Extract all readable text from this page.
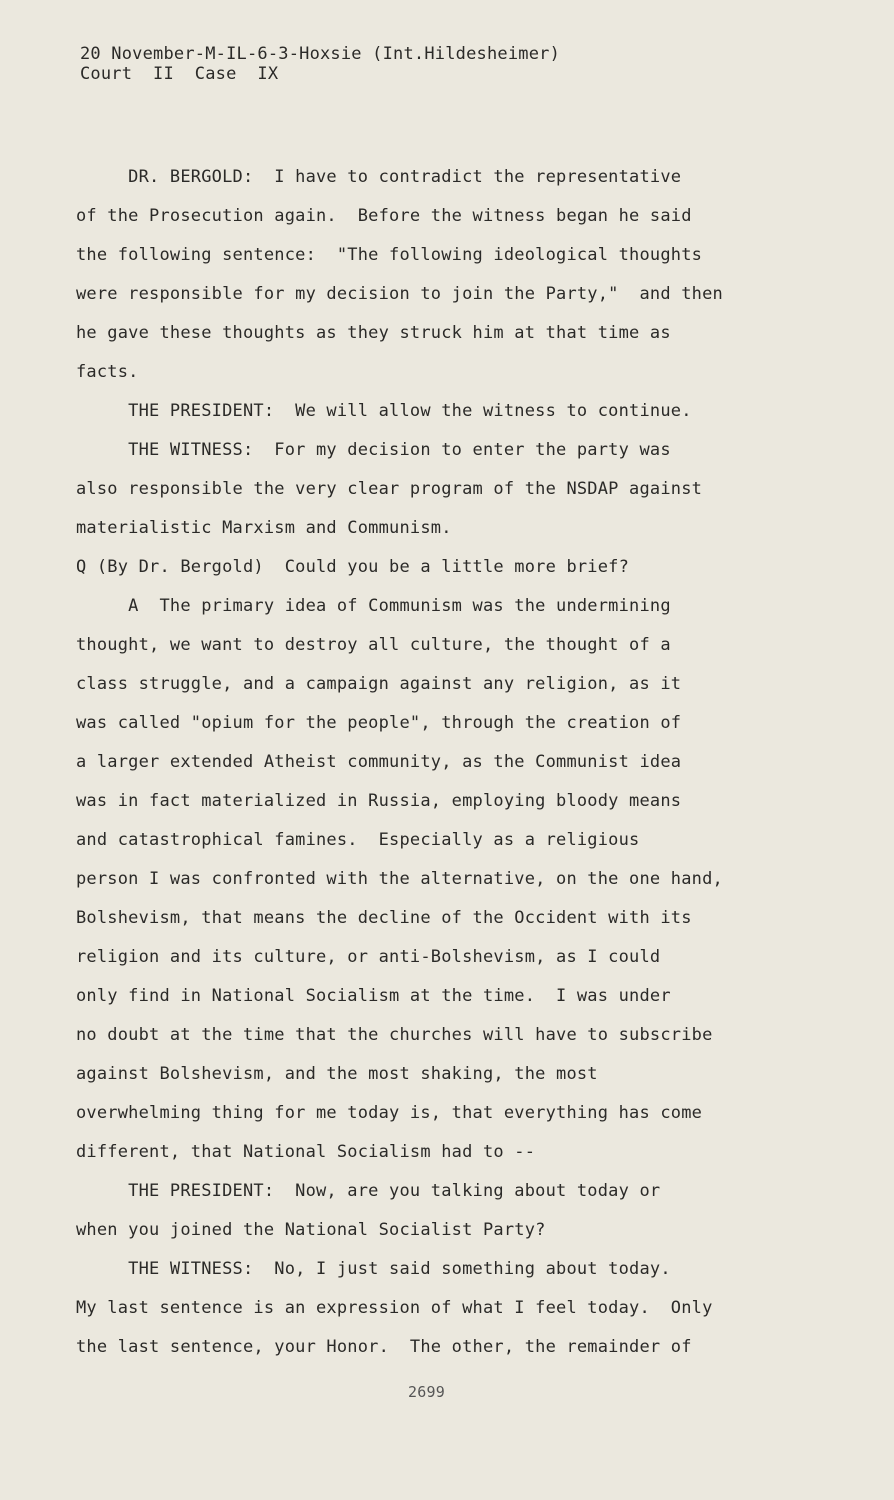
20 November-M-IL-6-3-Hoxsie (Int.Hildesheimer)
Court  II  Case  IX
DR. BERGOLD:  I have to contradict the representative
of the Prosecution again.  Before the witness began he said
the following sentence:  "The following ideological thoughts
were responsible for my decision to join the Party,"  and then
he gave these thoughts as they struck him at that time as
facts.
THE PRESIDENT:  We will allow the witness to continue.
THE WITNESS:  For my decision to enter the party was
also responsible the very clear program of the NSDAP against
materialistic Marxism and Communism.
Q (By Dr. Bergold)  Could you be a little more brief?
A  The primary idea of Communism was the undermining
thought, we want to destroy all culture, the thought of a
class struggle, and a campaign against any religion, as it
was called "opium for the people", through the creation of
a larger extended Atheist community, as the Communist idea
was in fact materialized in Russia, employing bloody means
and catastrophical famines.  Especially as a religious
person I was confronted with the alternative, on the one hand,
Bolshevism, that means the decline of the Occident with its
religion and its culture, or anti-Bolshevism, as I could
only find in National Socialism at the time.  I was under
no doubt at the time that the churches will have to subscribe
against Bolshevism, and the most shaking, the most
overwhelming thing for me today is, that everything has come
different, that National Socialism had to --
THE PRESIDENT:  Now, are you talking about today or
when you joined the National Socialist Party?
THE WITNESS:  No, I just said something about today.
My last sentence is an expression of what I feel today.  Only
the last sentence, your Honor.  The other, the remainder of
2699
